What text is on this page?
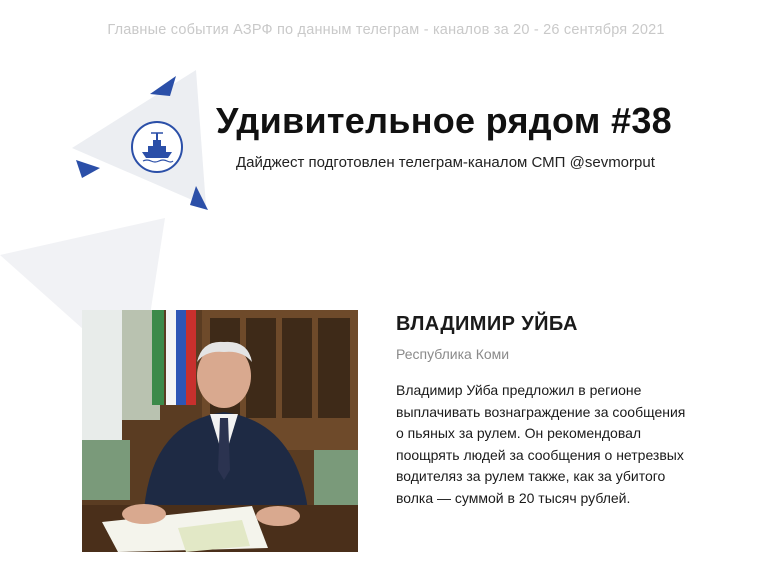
Главные события АЗРФ по данным телеграм - каналов за 20 - 26 сентября 2021
Удивительное рядом #38
Дайджест подготовлен телеграм-каналом СМП @sevmorput
ВЛАДИМИР УЙБА
Республика Коми
Владимир Уйба предложил в регионе
выплачивать вознаграждение за сообщения
о пьяных за рулем. Он рекомендовал
поощрять людей за сообщения о нетрезвых
водителяз за рулем также, как за убитого
волка — суммой в 20 тысяч рублей.
